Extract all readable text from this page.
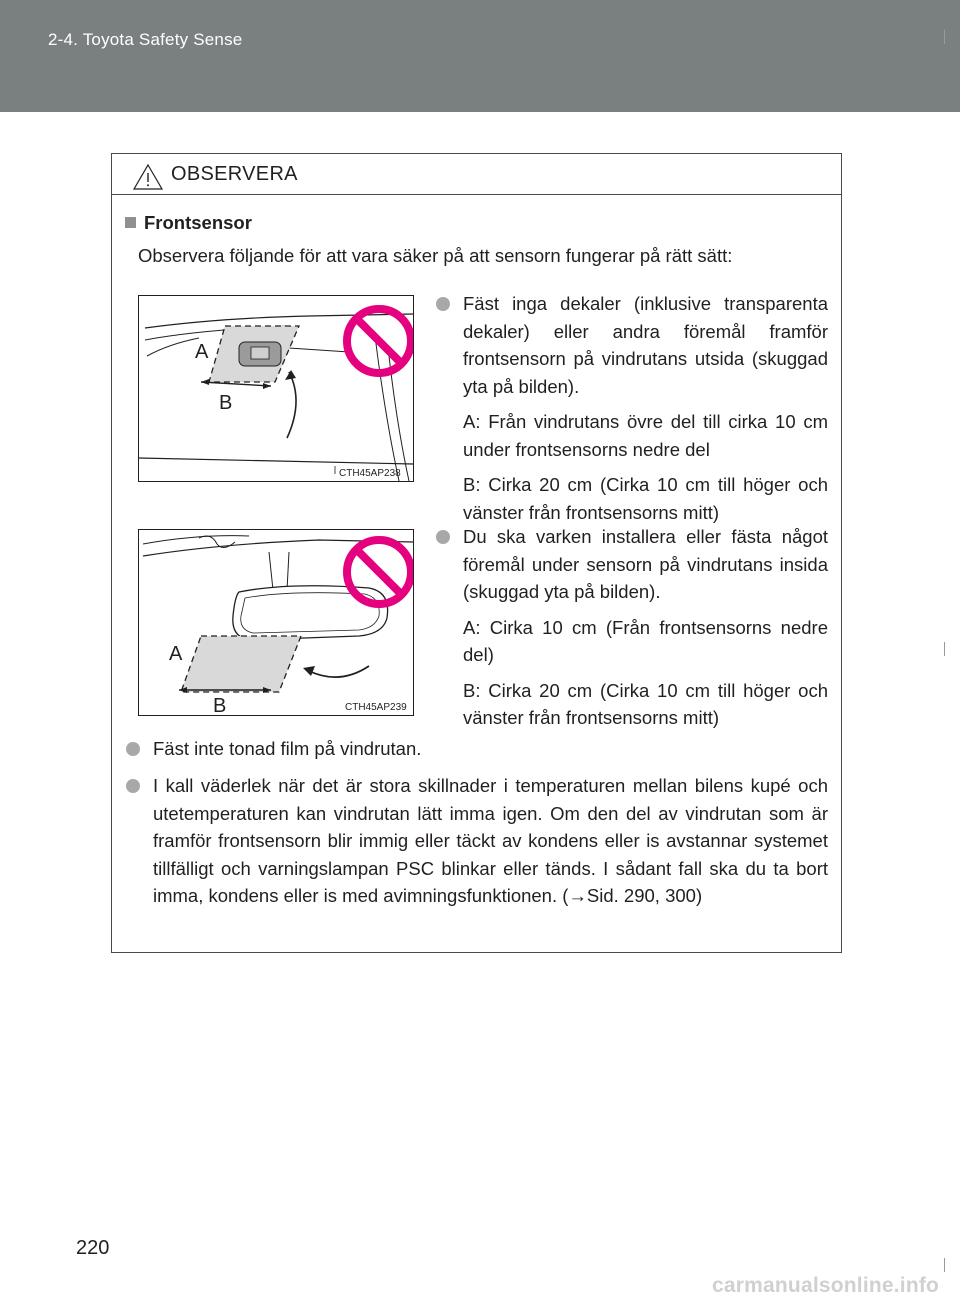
2-4. Toyota Safety Sense
OBSERVERA
Frontsensor
Observera följande för att vara säker på att sensorn fungerar på rätt sätt:
A
B
CTH45AP238
A
B	CTH45AP239
Fäst inga dekaler (inklusive transparenta dekaler) eller andra föremål framför frontsensorn på vindrutans utsida (skuggad yta på bilden).
A: Från vindrutans övre del till cirka 10 cm under frontsensorns nedre del
B: Cirka 20 cm (Cirka 10 cm till höger och vänster från frontsensorns mitt)
Du ska varken installera eller fästa något föremål under sensorn på vindrutans insida (skuggad yta på bilden).
A: Cirka 10 cm (Från frontsensorns nedre del)
B: Cirka 20 cm (Cirka 10 cm till höger och vänster från frontsensorns mitt)
Fäst inte tonad film på vindrutan.
I kall väderlek när det är stora skillnader i temperaturen mellan bilens kupé och utetemperaturen kan vindrutan lätt imma igen. Om den del av vindrutan som är framför frontsensorn blir immig eller täckt av kondens eller is avstannar systemet tillfälligt och varningslampan PSC blinkar eller tänds. I sådant fall ska du ta bort imma, kondens eller is med avimningsfunktionen. (→Sid. 290, 300)
220
carmanualsonline.info
